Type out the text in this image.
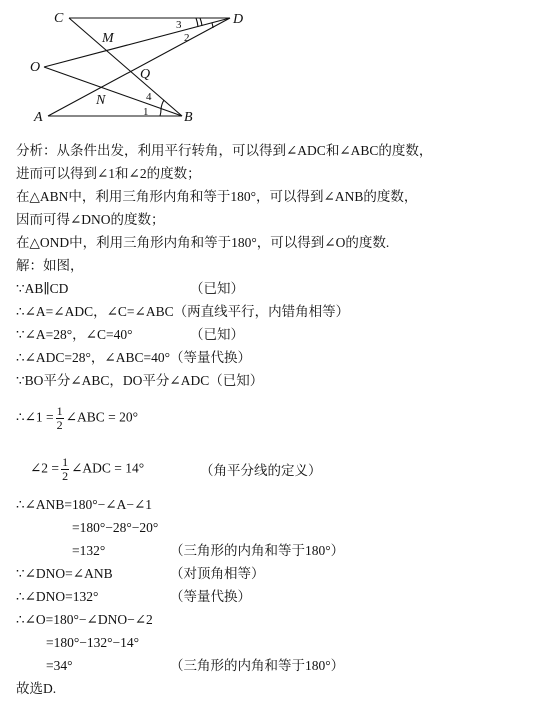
C	D
O
A	B
M
N
Q
3
2
4
1
分析：从条件出发，利用平行转角，可以得到∠ADC和∠ABC的度数，
进而可以得到∠1和∠2的度数；
在△ABN中，利用三角形内角和等于180°，可以得到∠ANB的度数，
因而可得∠DNO的度数；
在△OND中，利用三角形内角和等于180°，可以得到∠O的度数.
解：如图，
∵AB∥CD	（已知）
∴∠A=∠ADC，∠C=∠ABC（两直线平行，内错角相等）
∵∠A=28°，∠C=40°	（已知）
∴∠ADC=28°，∠ABC=40°（等量代换）
∵BO平分∠ABC，DO平分∠ADC（已知）
∴∠1 = $\frac{1}{2}$ ∠ABC = 20°
∠2 = $\frac{1}{2}$ ∠ADC = 14°	（角平分线的定义）
∴∠ANB=180°−∠A−∠1
=180°−28°−20°
=132°	（三角形的内角和等于180°）
∵∠DNO=∠ANB	（对顶角相等）
∴∠DNO=132°	（等量代换）
∴∠O=180°−∠DNO−∠2
=180°−132°−14°
=34°	（三角形的内角和等于180°）
故选D.
